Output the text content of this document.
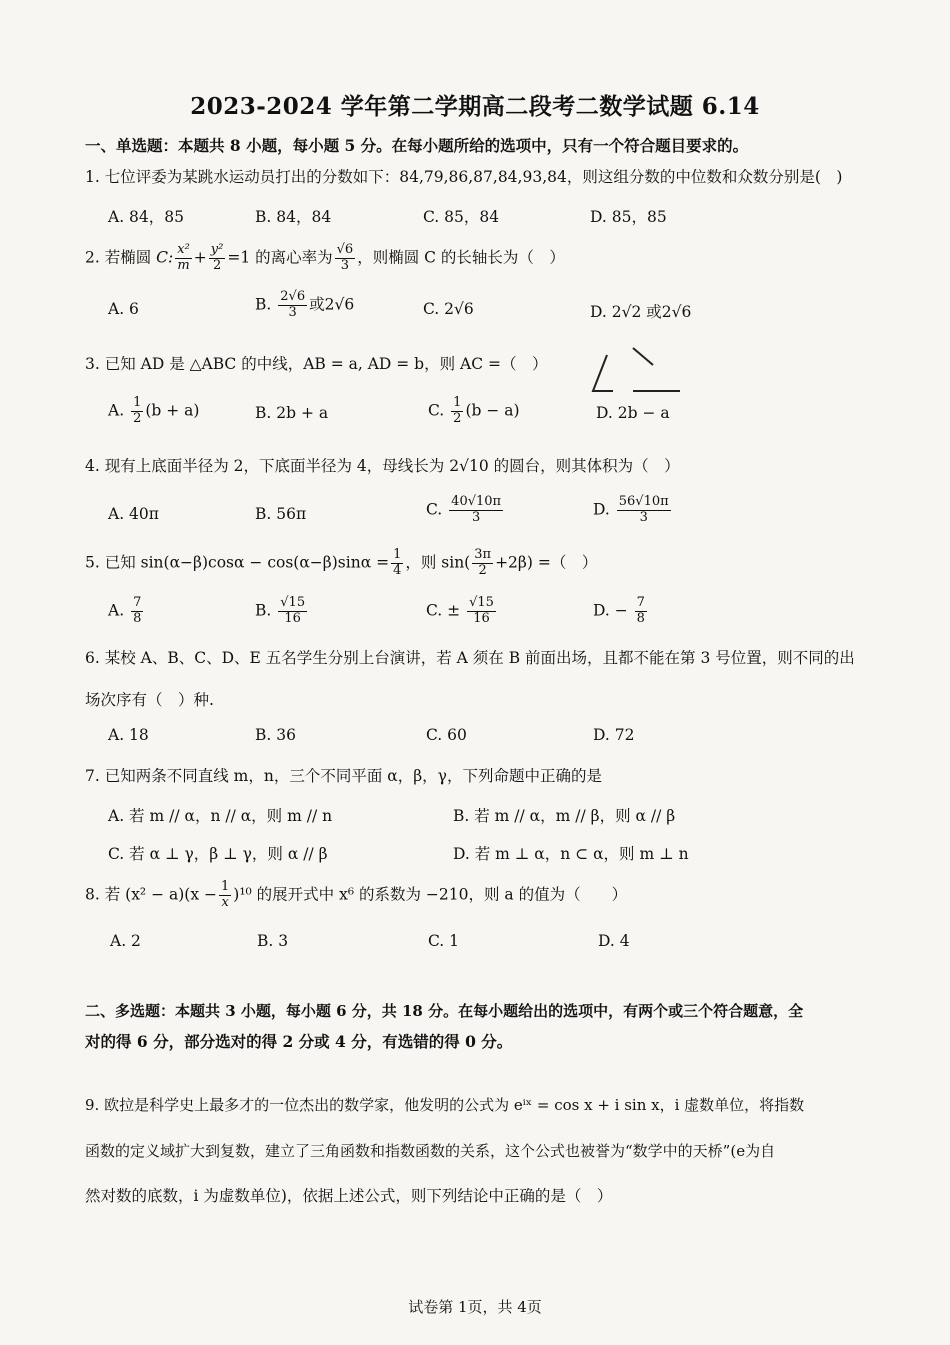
2023-2024 学年第二学期高二段考二数学试题 6.14
一、单选题：本题共 8 小题，每小题 5 分。在每小题所给的选项中，只有一个符合题目要求的。
1. 七位评委为某跳水运动员打出的分数如下：84,79,86,87,84,93,84，则这组分数的中位数和众数分别是(　)
A. 84，85	B. 84，84	C. 85，84	D. 85，85
2. 若椭圆 C: $\frac{\text{x²}}{m} + \frac{\text{y²}}{2} =1$ 的离心率为 $\frac{√6}{3}$ ，则椭圆 C 的长轴长为（　）
A. 6	B. $\frac{2√6}{3}$ 或2√6	C. 2√6	D. 2√2 或2√6
3. 已知 AD 是 △ABC 的中线，AB = a, AD = b，则 AC =（　）
A. $\frac{1}{2} (b + a)$	B. 2b + a	C. $\frac{1}{2} (b - a)$	D. 2b − a
4. 现有上底面半径为 2，下底面半径为 4，母线长为 2√10 的圆台，则其体积为（　）
A. 40π	B. 56π	C. $\frac{40√10\pi}{3}$	D. $\frac{56√10\pi}{3}$
5. 已知 $\sin(\alpha-\beta)\cos\alpha - \cos(\alpha-\beta)\sin\alpha = \frac{1}{4}$ ，则 $\sin( \frac{3\pi}{2} +2\beta)$ =（　）
A. $\frac{7}{8}$	B. $\frac{√15}{16}$	C. ± $\frac{√15}{16}$	D. − $\frac{7}{8}$
6. 某校 A、B、C、D、E 五名学生分别上台演讲，若 A 须在 B 前面出场，且都不能在第 3 号位置，则不同的出
场次序有（　）种.
A. 18	B. 36	C. 60	D. 72
7. 已知两条不同直线 m，n，三个不同平面 α，β，γ，下列命题中正确的是
A. 若 m // α，n // α，则 m // n	B. 若 m // α，m // β，则 α // β
C. 若 α ⊥ γ，β ⊥ γ，则 α // β	D. 若 m ⊥ α，n ⊂ α，则 m ⊥ n
8. 若 $(x^2 - a)(x - \frac{1}{x} )^{10}$ 的展开式中 x⁶ 的系数为 −210，则 a 的值为（　　）
A. 2	B. 3	C. 1	D. 4
二、多选题：本题共 3 小题，每小题 6 分，共 18 分。在每小题给出的选项中，有两个或三个符合题意，全
对的得 6 分，部分选对的得 2 分或 4 分，有选错的得 0 分。
9. 欧拉是科学史上最多才的一位杰出的数学家，他发明的公式为 eⁱˣ = cos x + i sin x，i 虚数单位，将指数
函数的定义域扩大到复数，建立了三角函数和指数函数的关系，这个公式也被誉为“数学中的天桥”(e为自
然对数的底数，i 为虚数单位)，依据上述公式，则下列结论中正确的是（　）
试卷第 1页，共 4页
